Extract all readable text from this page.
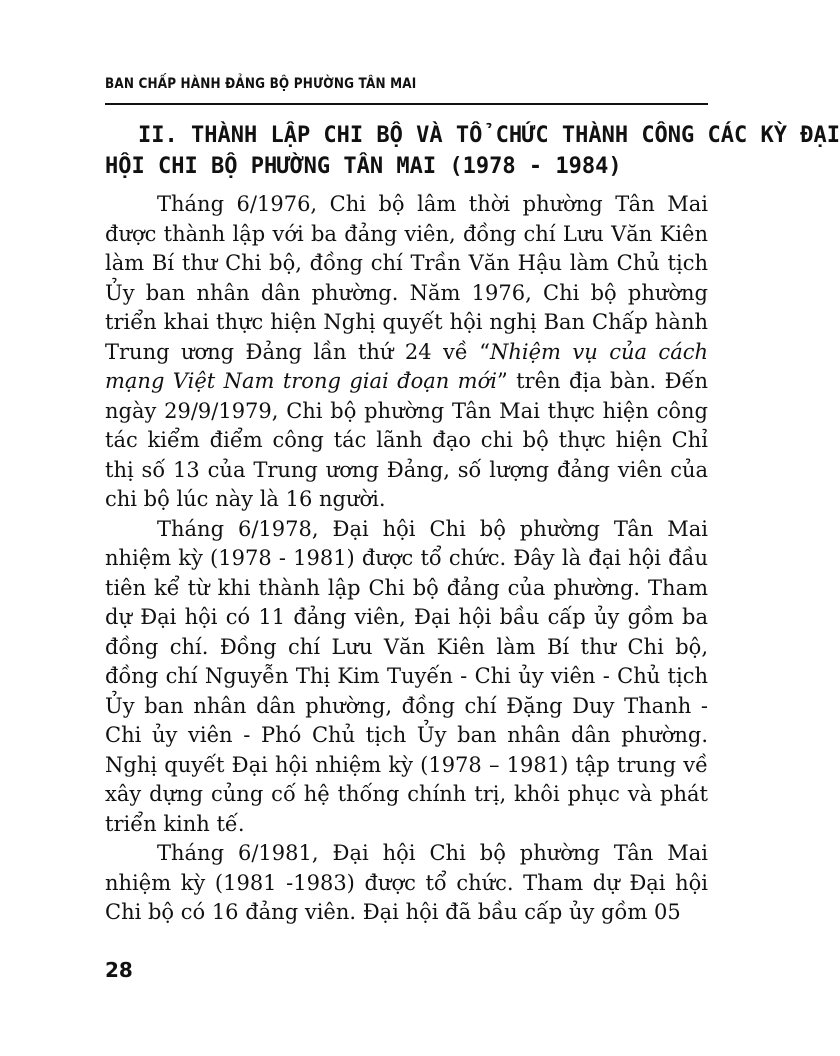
BAN CHẤP HÀNH ĐẢNG BỘ PHƯỜNG TÂN MAI
II. THÀNH LẬP CHI BỘ VÀ TỔ CHỨC THÀNH CÔNG CÁC KỲ ĐẠI
HỘI CHI BỘ PHƯỜNG TÂN MAI (1978 - 1984)

Tháng 6/1976, Chi bộ lâm thời phường Tân Mai được thành lập với ba đảng viên, đồng chí Lưu Văn Kiên làm Bí thư Chi bộ, đồng chí Trần Văn Hậu làm Chủ tịch Ủy ban nhân dân phường. Năm 1976, Chi bộ phường triển khai thực hiện Nghị quyết hội nghị Ban Chấp hành Trung ương Đảng lần thứ 24 về “Nhiệm vụ của cách mạng Việt Nam trong giai đoạn mới” trên địa bàn. Đến ngày 29/9/1979, Chi bộ phường Tân Mai thực hiện công tác kiểm điểm công tác lãnh đạo chi bộ thực hiện Chỉ thị số 13 của Trung ương Đảng, số lượng đảng viên của chi bộ lúc này là 16 người.

Tháng 6/1978, Đại hội Chi bộ phường Tân Mai nhiệm kỳ (1978 - 1981) được tổ chức. Đây là đại hội đầu tiên kể từ khi thành lập Chi bộ đảng của phường. Tham dự Đại hội có 11 đảng viên, Đại hội bầu cấp ủy gồm ba đồng chí. Đồng chí Lưu Văn Kiên làm Bí thư Chi bộ, đồng chí Nguyễn Thị Kim Tuyến - Chi ủy viên - Chủ tịch Ủy ban nhân dân phường, đồng chí Đặng Duy Thanh - Chi ủy viên - Phó Chủ tịch Ủy ban nhân dân phường. Nghị quyết Đại hội nhiệm kỳ (1978 – 1981) tập trung về xây dựng củng cố hệ thống chính trị, khôi phục và phát triển kinh tế.

Tháng 6/1981, Đại hội Chi bộ phường Tân Mai nhiệm kỳ (1981 -1983) được tổ chức. Tham dự Đại hội Chi bộ có 16 đảng viên. Đại hội đã bầu cấp ủy gồm 05

28
